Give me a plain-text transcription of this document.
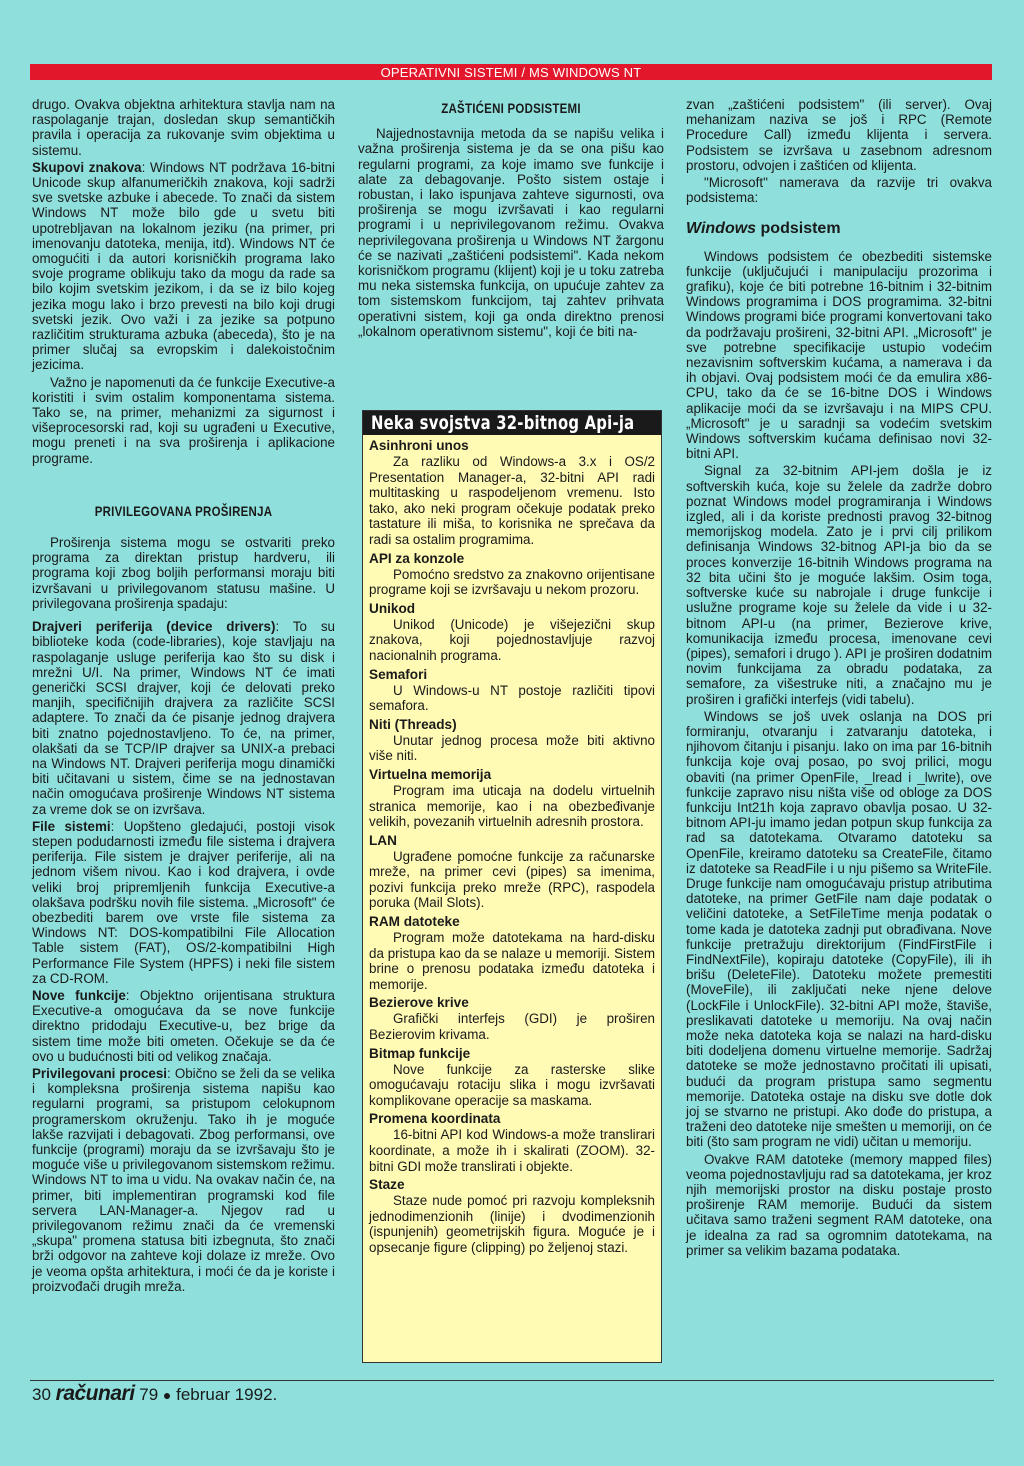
OPERATIVNI SISTEMI / MS WINDOWS NT

drugo. Ovakva objektna arhitektura stavlja nam na raspolaganje trajan, dosledan skup semantičkih pravila i operacija za rukovanje svim objektima u sistemu.

Skupovi znakova: Windows NT podržava 16-bitni Unicode skup alfanumeričkih znakova, koji sadrži sve svetske azbuke i abecede. To znači da sistem Windows NT može bilo gde u svetu biti upotrebljavan na lokalnom jeziku (na primer, pri imenovanju datoteka, menija, itd). Windows NT će omogućiti i da autori korisničkih programa lako svoje programe oblikuju tako da mogu da rade sa bilo kojim svetskim jezikom, i da se iz bilo kojeg jezika mogu lako i brzo prevesti na bilo koji drugi svetski jezik. Ovo važi i za jezike sa potpuno različitim strukturama azbuka (abeceda), što je na primer slučaj sa evropskim i dalekoistočnim jezicima.

Važno je napomenuti da će funkcije Executive-a koristiti i svim ostalim komponentama sistema. Tako se, na primer, mehanizmi za sigurnost i višeprocesorski rad, koji su ugrađeni u Executive, mogu preneti i na sva proširenja i aplikacione programe.

PRIVILEGOVANA PROŠIRENJA

Proširenja sistema mogu se ostvariti preko programa za direktan pristup hardveru, ili programa koji zbog boljih performansi moraju biti izvršavani u privilegovanom statusu mašine. U privilegovana proširenja spadaju:

Drajveri periferija (device drivers): To su biblioteke koda (code-libraries), koje stavljaju na raspolaganje usluge periferija kao što su disk i mrežni U/I. Na primer, Windows NT će imati generički SCSI drajver, koji će delovati preko manjih, specifičnijih drajvera za različite SCSI adaptere. To znači da će pisanje jednog drajvera biti znatno pojednostavljeno. To će, na primer, olakšati da se TCP/IP drajver sa UNIX-a prebaci na Windows NT. Drajveri periferija mogu dinamički biti učitavani u sistem, čime se na jednostavan način omogućava proširenje Windows NT sistema za vreme dok se on izvršava.

File sistemi: Uopšteno gledajući, postoji visok stepen podudarnosti između file sistema i drajvera periferija. File sistem je drajver periferije, ali na jednom višem nivou. Kao i kod drajvera, i ovde veliki broj pripremljenih funkcija Executive-a olakšava podršku novih file sistema. „Microsoft" će obezbediti barem ove vrste file sistema za Windows NT: DOS-kompatibilni File Allocation Table sistem (FAT), OS/2-kompatibilni High Performance File System (HPFS) i neki file sistem za CD-ROM.

Nove funkcije: Objektno orijentisana struktura Executive-a omogućava da se nove funkcije direktno pridodaju Executive-u, bez brige da sistem time može biti ometen. Očekuje se da će ovo u budućnosti biti od velikog značaja.

Privilegovani procesi: Obično se želi da se velika i kompleksna proširenja sistema napišu kao regularni programi, sa pristupom celokupnom programerskom okruženju. Tako ih je moguće lakše razvijati i debagovati. Zbog performansi, ove funkcije (programi) moraju da se izvršavaju što je moguće više u privilegovanom sistemskom režimu. Windows NT to ima u vidu. Na ovakav način će, na primer, biti implementiran programski kod file servera LAN-Manager-a. Njegov rad u privilegovanom režimu znači da će vremenski „skupa" promena statusa biti izbegnuta, što znači brži odgovor na zahteve koji dolaze iz mreže. Ovo je veoma opšta arhitektura, i moći će da je koriste i proizvođači drugih mreža.

ZAŠTIĆENI PODSISTEMI

Najjednostavnija metoda da se napišu velika i važna proširenja sistema je da se ona pišu kao regularni programi, za koje imamo sve funkcije i alate za debagovanje. Pošto sistem ostaje i robustan, i lako ispunjava zahteve sigurnosti, ova proširenja se mogu izvršavati i kao regularni programi i u neprivilegovanom režimu. Ovakva neprivilegovana proširenja u Windows NT žargonu će se nazivati „zaštićeni podsistemi". Kada nekom korisničkom programu (klijent) koji je u toku zatreba mu neka sistemska funkcija, on upućuje zahtev za tom sistemskom funkcijom, taj zahtev prihvata operativni sistem, koji ga onda direktno prenosi „lokalnom operativnom sistemu", koji će biti na-

Neka svojstva 32-bitnog Api-ja
Asinhroni unos
Za razliku od Windows-a 3.x i OS/2 Presentation Manager-a, 32-bitni API radi multitasking u raspodeljenom vremenu. Isto tako, ako neki program očekuje podatak preko tastature ili miša, to korisnika ne sprečava da radi sa ostalim programima.
API za konzole
Pomoćno sredstvo za znakovno orijentisane programe koji se izvršavaju u nekom prozoru.
Unikod
Unikod (Unicode) je višejezični skup znakova, koji pojednostavljuje razvoj nacionalnih programa.
Semafori
U Windows-u NT postoje različiti tipovi semafora.
Niti (Threads)
Unutar jednog procesa može biti aktivno više niti.
Virtuelna memorija
Program ima uticaja na dodelu virtuelnih stranica memorije, kao i na obezbeđivanje velikih, povezanih virtuelnih adresnih prostora.
LAN
Ugrađene pomoćne funkcije za računarske mreže, na primer cevi (pipes) sa imenima, pozivi funkcija preko mreže (RPC), raspodela poruka (Mail Slots).
RAM datoteke
Program može datotekama na hard-disku da pristupa kao da se nalaze u memoriji. Sistem brine o prenosu podataka između datoteka i memorije.
Bezierove krive
Grafički interfejs (GDI) je proširen Bezierovim krivama.
Bitmap funkcije
Nove funkcije za rasterske slike omogućavaju rotaciju slika i mogu izvršavati komplikovane operacije sa maskama.
Promena koordinata
16-bitni API kod Windows-a može translirari koordinate, a može ih i skalirati (ZOOM). 32-bitni GDI može translirati i objekte.
Staze
Staze nude pomoć pri razvoju kompleksnih jednodimenzionih (linije) i dvodimenzionih (ispunjenih) geometrijskih figura. Moguće je i opsecanje figure (clipping) po željenoj stazi.

zvan „zaštićeni podsistem" (ili server). Ovaj mehanizam naziva se još i RPC (Remote Procedure Call) između klijenta i servera. Podsistem se izvršava u zasebnom adresnom prostoru, odvojen i zaštićen od klijenta.

"Microsoft" namerava da razvije tri ovakva podsistema:

Windows podsistem

Windows podsistem će obezbediti sistemske funkcije (uključujući i manipulaciju prozorima i grafiku), koje će biti potrebne 16-bitnim i 32-bitnim Windows programima i DOS programima. 32-bitni Windows programi biće programi konvertovani tako da podržavaju prošireni, 32-bitni API. „Microsoft" je sve potrebne specifikacije ustupio vodećim nezavisnim softverskim kućama, a namerava i da ih objavi. Ovaj podsistem moći će da emulira x86-CPU, tako da će se 16-bitne DOS i Windows aplikacije moći da se izvršavaju i na MIPS CPU. „Microsoft" je u saradnji sa vodećim svetskim Windows softverskim kućama definisao novi 32-bitni API.

Signal za 32-bitnim API-jem došla je iz softverskih kuća, koje su želele da zadrže dobro poznat Windows model programiranja i Windows izgled, ali i da koriste prednosti pravog 32-bitnog memorijskog modela. Zato je i prvi cilj prilikom definisanja Windows 32-bitnog API-ja bio da se proces konverzije 16-bitnih Windows programa na 32 bita učini što je moguće lakšim. Osim toga, softverske kuće su nabrojale i druge funkcije i uslužne programe koje su želele da vide i u 32-bitnom API-u (na primer, Bezierove krive, komunikacija između procesa, imenovane cevi (pipes), semafori i drugo ). API je proširen dodatnim novim funkcijama za obradu podataka, za semafore, za višestruke niti, a značajno mu je proširen i grafički interfejs (vidi tabelu).

Windows se još uvek oslanja na DOS pri formiranju, otvaranju i zatvaranju datoteka, i njihovom čitanju i pisanju. Iako on ima par 16-bitnih funkcija koje ovaj posao, po svoj prilici, mogu obaviti (na primer OpenFile, _lread i _lwrite), ove funkcije zapravo nisu ništa više od obloge za DOS funkciju Int21h koja zapravo obavlja posao. U 32-bitnom API-ju imamo jedan potpun skup funkcija za rad sa datotekama. Otvaramo datoteku sa OpenFile, kreiramo datoteku sa CreateFile, čitamo iz datoteke sa ReadFile i u nju pišemo sa WriteFile. Druge funkcije nam omogućavaju pristup atributima datoteke, na primer GetFile nam daje podatak o veličini datoteke, a SetFileTime menja podatak o tome kada je datoteka zadnji put obrađivana. Nove funkcije pretražuju direktorijum (FindFirstFile i FindNextFile), kopiraju datoteke (CopyFile), ili ih brišu (DeleteFile). Datoteku možete premestiti (MoveFile), ili zaključati neke njene delove (LockFile i UnlockFile). 32-bitni API može, štaviše, preslikavati datoteke u memoriju. Na ovaj način može neka datoteka koja se nalazi na hard-disku biti dodeljena domenu virtuelne memorije. Sadržaj datoteke se može jednostavno pročitati ili upisati, budući da program pristupa samo segmentu memorije. Datoteka ostaje na disku sve dotle dok joj se stvarno ne pristupi. Ako dođe do pristupa, a traženi deo datoteke nije smešten u memoriji, on će biti (što sam program ne vidi) učitan u memoriju.

Ovakve RAM datoteke (memory mapped files) veoma pojednostavljuju rad sa datotekama, jer kroz njih memorijski prostor na disku postaje prosto proširenje RAM memorije. Budući da sistem učitava samo traženi segment RAM datoteke, ona je idealna za rad sa ogromnim datotekama, na primer sa velikim bazama podataka.

30 računari 79 ● februar 1992.
